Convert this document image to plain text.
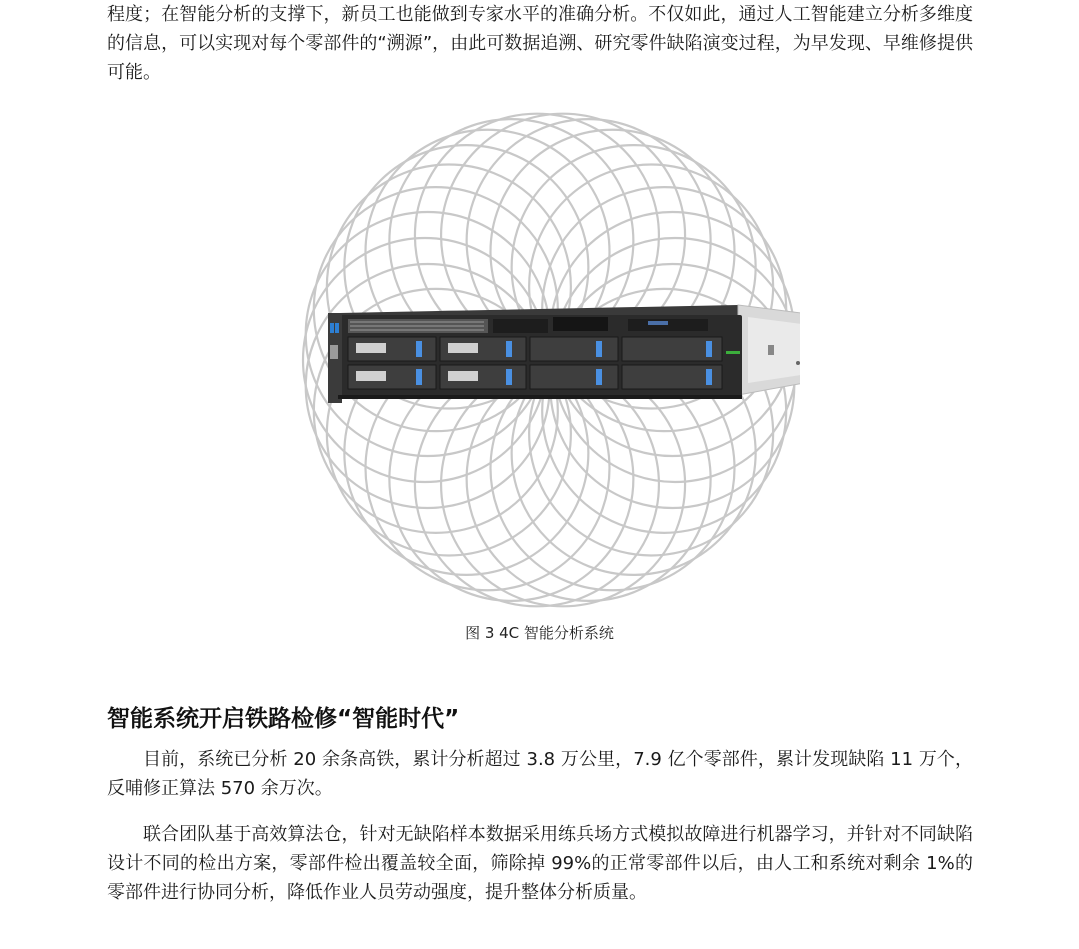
程度；在智能分析的支撑下，新员工也能做到专家水平的准确分析。不仅如此，通过人工智能建立分析多维度的信息，可以实现对每个零部件的“溯源”，由此可数据追溯、研究零件缺陷演变过程，为早发现、早维修提供可能。

图 3 4C 智能分析系统
智能系统开启铁路检修“智能时代”

目前，系统已分析 20 余条高铁，累计分析超过 3.8 万公里，7.9 亿个零部件，累计发现缺陷 11 万个，反哺修正算法 570 余万次。

联合团队基于高效算法仓，针对无缺陷样本数据采用练兵场方式模拟故障进行机器学习，并针对不同缺陷设计不同的检出方案，零部件检出覆盖较全面，筛除掉 99%的正常零部件以后，由人工和系统对剩余 1%的零部件进行协同分析，降低作业人员劳动强度，提升整体分析质量。
